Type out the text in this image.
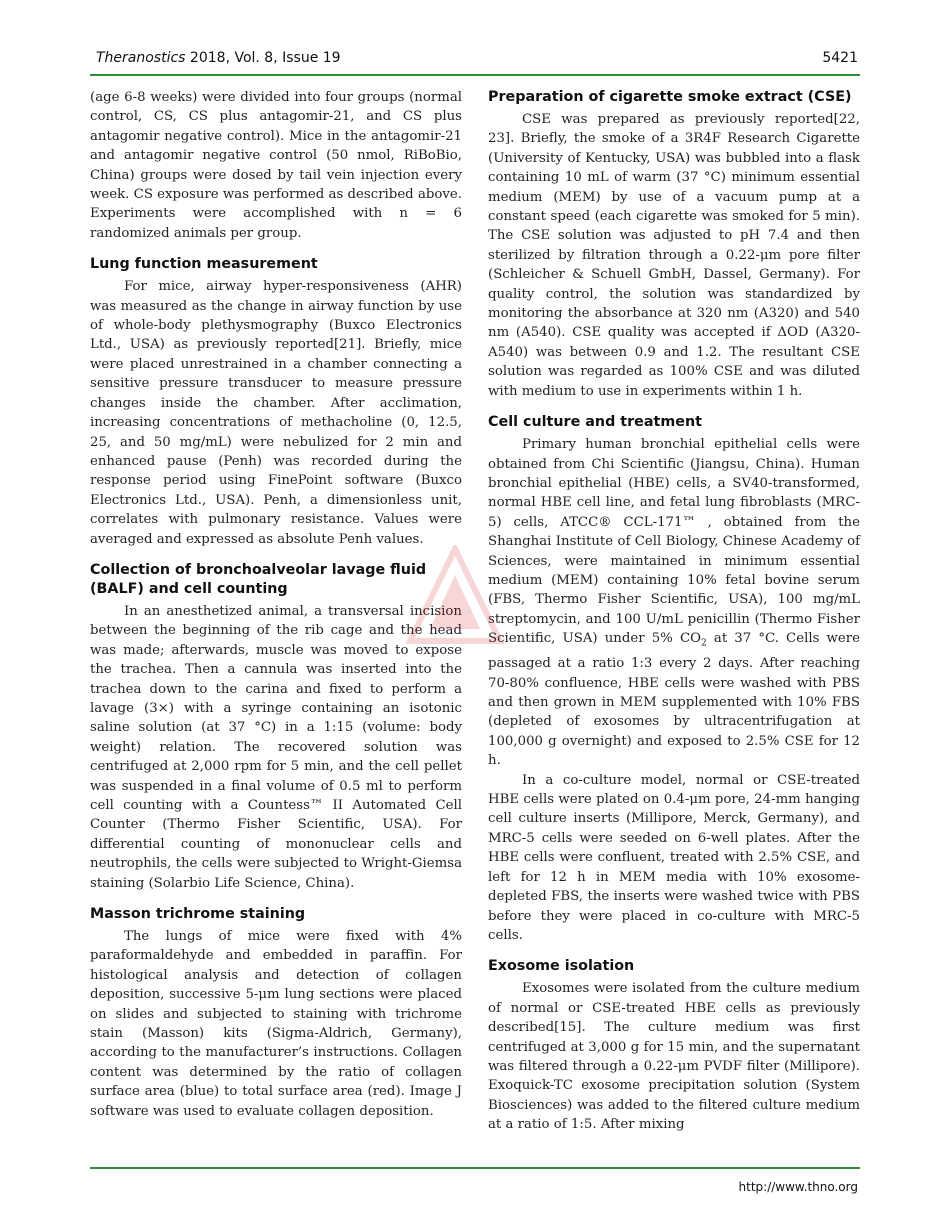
Theranostics 2018, Vol. 8, Issue 19	5421

(age 6-8 weeks) were divided into four groups (normal control, CS, CS plus antagomir-21, and CS plus antagomir negative control). Mice in the antagomir-21 and antagomir negative control (50 nmol, RiBoBio, China) groups were dosed by tail vein injection every week. CS exposure was performed as described above. Experiments were accomplished with n = 6 randomized animals per group.

Lung function measurement

For mice, airway hyper-responsiveness (AHR) was measured as the change in airway function by use of whole-body plethysmography (Buxco Electronics Ltd., USA) as previously reported[21]. Briefly, mice were placed unrestrained in a chamber connecting a sensitive pressure transducer to measure pressure changes inside the chamber. After acclimation, increasing concentrations of methacholine (0, 12.5, 25, and 50 mg/mL) were nebulized for 2 min and enhanced pause (Penh) was recorded during the response period using FinePoint software (Buxco Electronics Ltd., USA). Penh, a dimensionless unit, correlates with pulmonary resistance. Values were averaged and expressed as absolute Penh values.

Collection of bronchoalveolar lavage fluid (BALF) and cell counting

In an anesthetized animal, a transversal incision between the beginning of the rib cage and the head was made; afterwards, muscle was moved to expose the trachea. Then a cannula was inserted into the trachea down to the carina and fixed to perform a lavage (3×) with a syringe containing an isotonic saline solution (at 37 °C) in a 1:15 (volume: body weight) relation. The recovered solution was centrifuged at 2,000 rpm for 5 min, and the cell pellet was suspended in a final volume of 0.5 ml to perform cell counting with a Countess™ II Automated Cell Counter (Thermo Fisher Scientific, USA). For differential counting of mononuclear cells and neutrophils, the cells were subjected to Wright-Giemsa staining (Solarbio Life Science, China).

Masson trichrome staining

The lungs of mice were fixed with 4% paraformaldehyde and embedded in paraffin. For histological analysis and detection of collagen deposition, successive 5-μm lung sections were placed on slides and subjected to staining with trichrome stain (Masson) kits (Sigma-Aldrich, Germany), according to the manufacturer’s instructions. Collagen content was determined by the ratio of collagen surface area (blue) to total surface area (red). Image J software was used to evaluate collagen deposition.

Preparation of cigarette smoke extract (CSE)

CSE was prepared as previously reported[22, 23]. Briefly, the smoke of a 3R4F Research Cigarette (University of Kentucky, USA) was bubbled into a flask containing 10 mL of warm (37 °C) minimum essential medium (MEM) by use of a vacuum pump at a constant speed (each cigarette was smoked for 5 min). The CSE solution was adjusted to pH 7.4 and then sterilized by filtration through a 0.22-μm pore filter (Schleicher & Schuell GmbH, Dassel, Germany). For quality control, the solution was standardized by monitoring the absorbance at 320 nm (A320) and 540 nm (A540). CSE quality was accepted if ΔOD (A320-A540) was between 0.9 and 1.2. The resultant CSE solution was regarded as 100% CSE and was diluted with medium to use in experiments within 1 h.

Cell culture and treatment

Primary human bronchial epithelial cells were obtained from Chi Scientific (Jiangsu, China). Human bronchial epithelial (HBE) cells, a SV40-transformed, normal HBE cell line, and fetal lung fibroblasts (MRC-5) cells, ATCC® CCL-171™ , obtained from the Shanghai Institute of Cell Biology, Chinese Academy of Sciences, were maintained in minimum essential medium (MEM) containing 10% fetal bovine serum (FBS, Thermo Fisher Scientific, USA), 100 mg/mL streptomycin, and 100 U/mL penicillin (Thermo Fisher Scientific, USA) under 5% $CO_2$ at 37 °C. Cells were passaged at a ratio 1:3 every 2 days. After reaching 70-80% confluence, HBE cells were washed with PBS and then grown in MEM supplemented with 10% FBS (depleted of exosomes by ultracentrifugation at 100,000 g overnight) and exposed to 2.5% CSE for 12 h.

In a co-culture model, normal or CSE-treated HBE cells were plated on 0.4-μm pore, 24-mm hanging cell culture inserts (Millipore, Merck, Germany), and MRC-5 cells were seeded on 6-well plates. After the HBE cells were confluent, treated with 2.5% CSE, and left for 12 h in MEM media with 10% exosome-depleted FBS, the inserts were washed twice with PBS before they were placed in co-culture with MRC-5 cells.

Exosome isolation

Exosomes were isolated from the culture medium of normal or CSE-treated HBE cells as previously described[15]. The culture medium was first centrifuged at 3,000 g for 15 min, and the supernatant was filtered through a 0.22-μm PVDF filter (Millipore). Exoquick-TC exosome precipitation solution (System Biosciences) was added to the filtered culture medium at a ratio of 1:5. After mixing

http://www.thno.org
